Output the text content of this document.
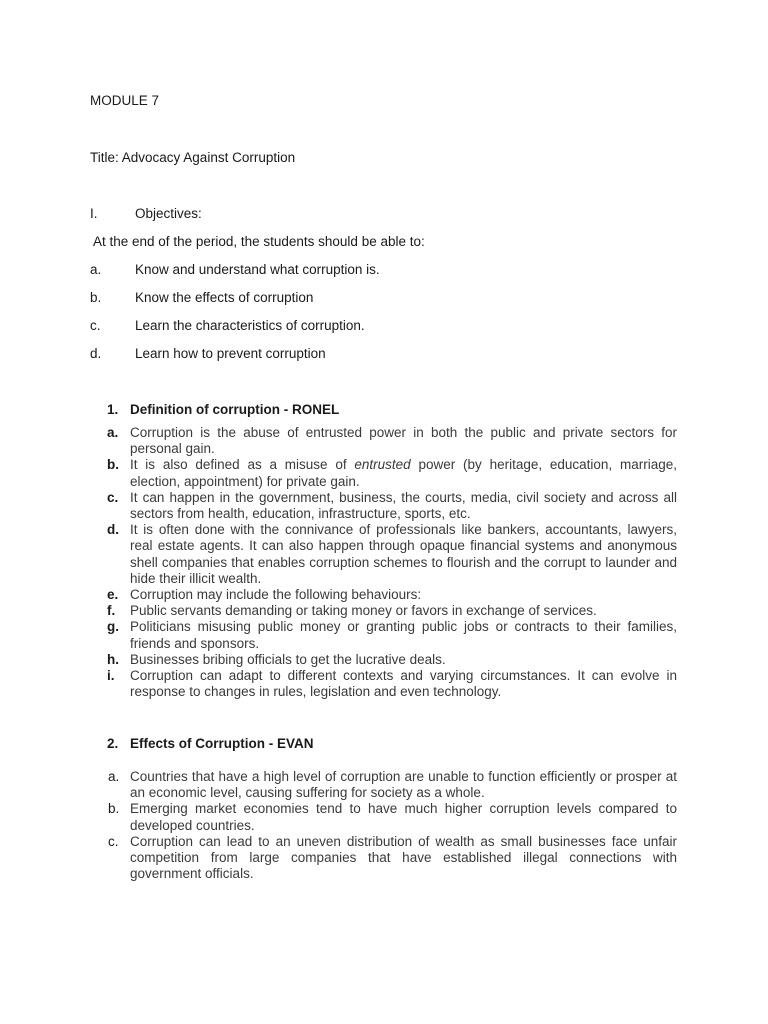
MODULE 7
Title: Advocacy Against Corruption
I.	Objectives:
At the end of the period, the students should be able to:
a. Know and understand what corruption is.
b. Know the effects of corruption
c.	Learn the characteristics of corruption.
d. Learn how to prevent corruption
1. Definition of corruption - RONEL
a. Corruption is the abuse of entrusted power in both the public and private sectors for personal gain.
b. It is also defined as a misuse of entrusted power (by heritage, education, marriage, election, appointment) for private gain.
c. It can happen in the government, business, the courts, media, civil society and across all sectors from health, education, infrastructure, sports, etc.
d. It is often done with the connivance of professionals like bankers, accountants, lawyers, real estate agents. It can also happen through opaque financial systems and anonymous shell companies that enables corruption schemes to flourish and the corrupt to launder and hide their illicit wealth.
e. Corruption may include the following behaviours:
f. Public servants demanding or taking money or favors in exchange of services.
g. Politicians misusing public money or granting public jobs or contracts to their families, friends and sponsors.
h. Businesses bribing officials to get the lucrative deals.
i. Corruption can adapt to different contexts and varying circumstances. It can evolve in response to changes in rules, legislation and even technology.
2. Effects of Corruption - EVAN
a. Countries that have a high level of corruption are unable to function efficiently or prosper at an economic level, causing suffering for society as a whole.
b. Emerging market economies tend to have much higher corruption levels compared to developed countries.
c. Corruption can lead to an uneven distribution of wealth as small businesses face unfair competition from large companies that have established illegal connections with government officials.
